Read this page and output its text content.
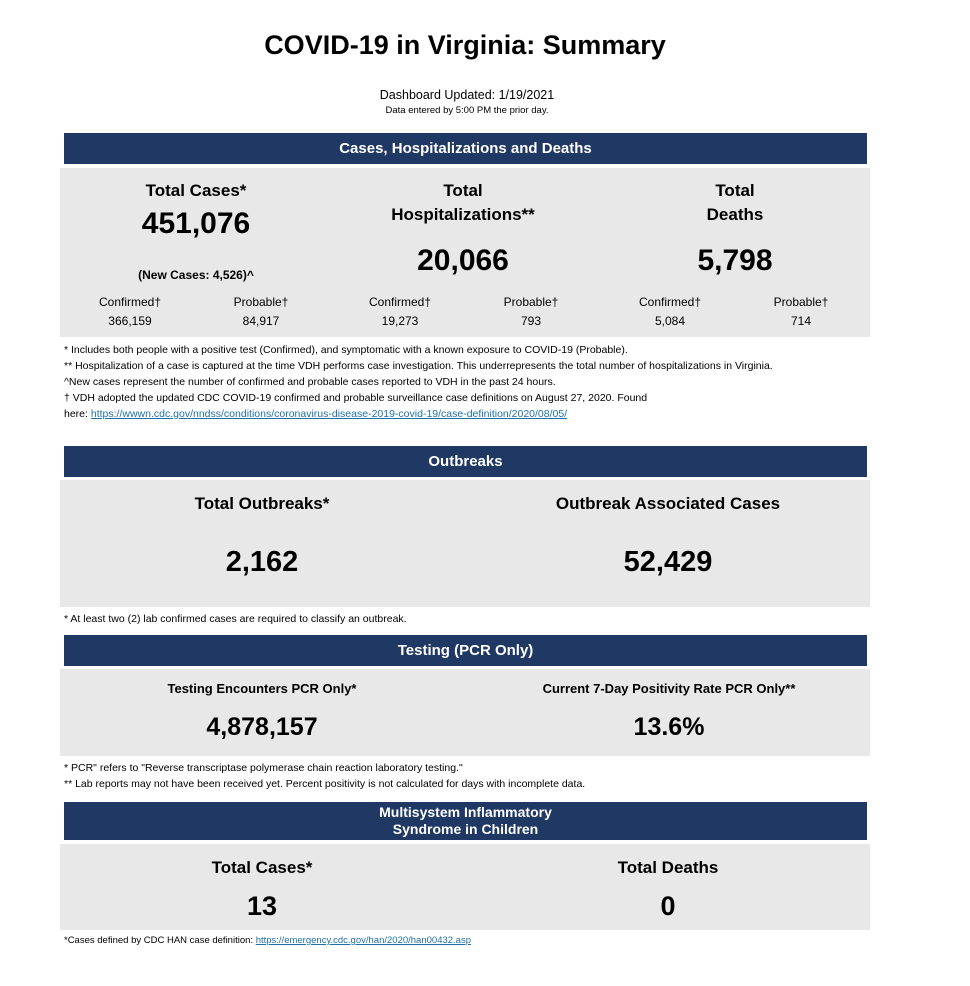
COVID-19 in Virginia: Summary
Dashboard Updated: 1/19/2021
Data entered by 5:00 PM the prior day.
Cases, Hospitalizations and Deaths
Total Cases*
451,076
(New Cases: 4,526)^
Confirmed†
366,159
Probable†
84,917
Total
Hospitalizations**
20,066
Confirmed†
19,273
Probable†
793
Total
Deaths
5,798
Confirmed†
5,084
Probable†
714
* Includes both people with a positive test (Confirmed), and symptomatic with a known exposure to COVID-19 (Probable).
** Hospitalization of a case is captured at the time VDH performs case investigation. This underrepresents the total number of hospitalizations in Virginia.
^New cases represent the number of confirmed and probable cases reported to VDH in the past 24 hours.
† VDH adopted the updated CDC COVID-19 confirmed and probable surveillance case definitions on August 27, 2020. Found
here: https://wwwn.cdc.gov/nndss/conditions/coronavirus-disease-2019-covid-19/case-definition/2020/08/05/
Outbreaks
Total Outbreaks*
2,162
Outbreak Associated Cases
52,429
* At least two (2) lab confirmed cases are required to classify an outbreak.
Testing (PCR Only)
Testing Encounters PCR Only*
4,878,157
Current 7-Day Positivity Rate PCR Only**
13.6%
* PCR" refers to "Reverse transcriptase polymerase chain reaction laboratory testing."
** Lab reports may not have been received yet. Percent positivity is not calculated for days with incomplete data.
Multisystem Inflammatory
Syndrome in Children
Total Cases*
13
Total Deaths
0
*Cases defined by CDC HAN case definition: https://emergency.cdc.gov/han/2020/han00432.asp
